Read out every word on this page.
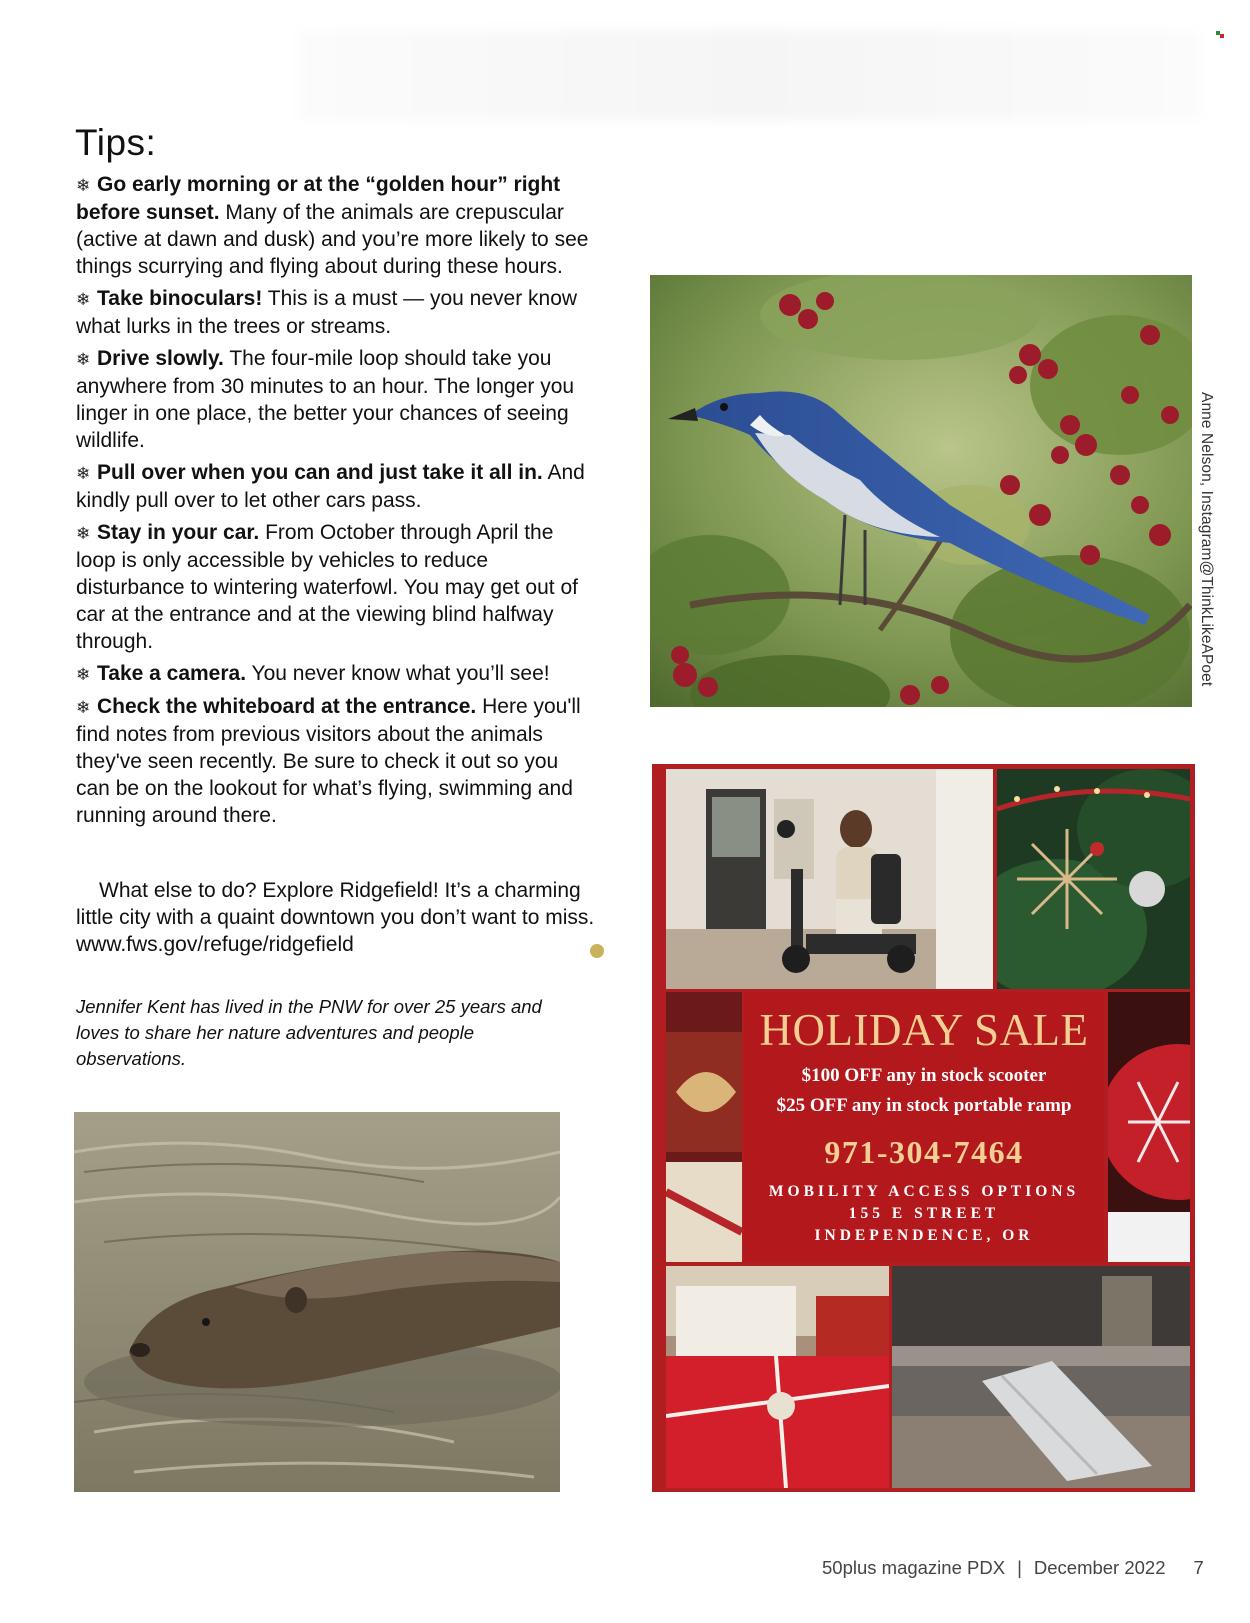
Tips:
❄ Go early morning or at the “golden hour” right before sunset. Many of the animals are crepuscular (active at dawn and dusk) and you’re more likely to see things scurrying and flying about during these hours.
❄ Take binoculars! This is a must — you never know what lurks in the trees or streams.
❄ Drive slowly. The four-mile loop should take you anywhere from 30 minutes to an hour. The longer you linger in one place, the better your chances of seeing wildlife.
❄ Pull over when you can and just take it all in. And kindly pull over to let other cars pass.
❄ Stay in your car. From October through April the loop is only accessible by vehicles to reduce disturbance to wintering waterfowl. You may get out of car at the entrance and at the viewing blind halfway through.
❄ Take a camera. You never know what you’ll see!
❄ Check the whiteboard at the entrance. Here you'll find notes from previous visitors about the animals they've seen recently. Be sure to check it out so you can be on the lookout for what’s flying, swimming and running around there.

What else to do? Explore Ridgefield! It’s a charming little city with a quaint downtown you don’t want to miss. www.fws.gov/refuge/ridgefield

Jennifer Kent has lived in the PNW for over 25 years and loves to share her nature adventures and people observations.

Anne Nelson, Instagram@ThinkLikeAPoet

HOLIDAY SALE

$100 OFF any in stock scooter

$25 OFF any in stock portable ramp

971-304-7464

MOBILITY ACCESS OPTIONS

155 E STREET

INDEPENDENCE, OR

50plus magazine PDX | December 2022 7
